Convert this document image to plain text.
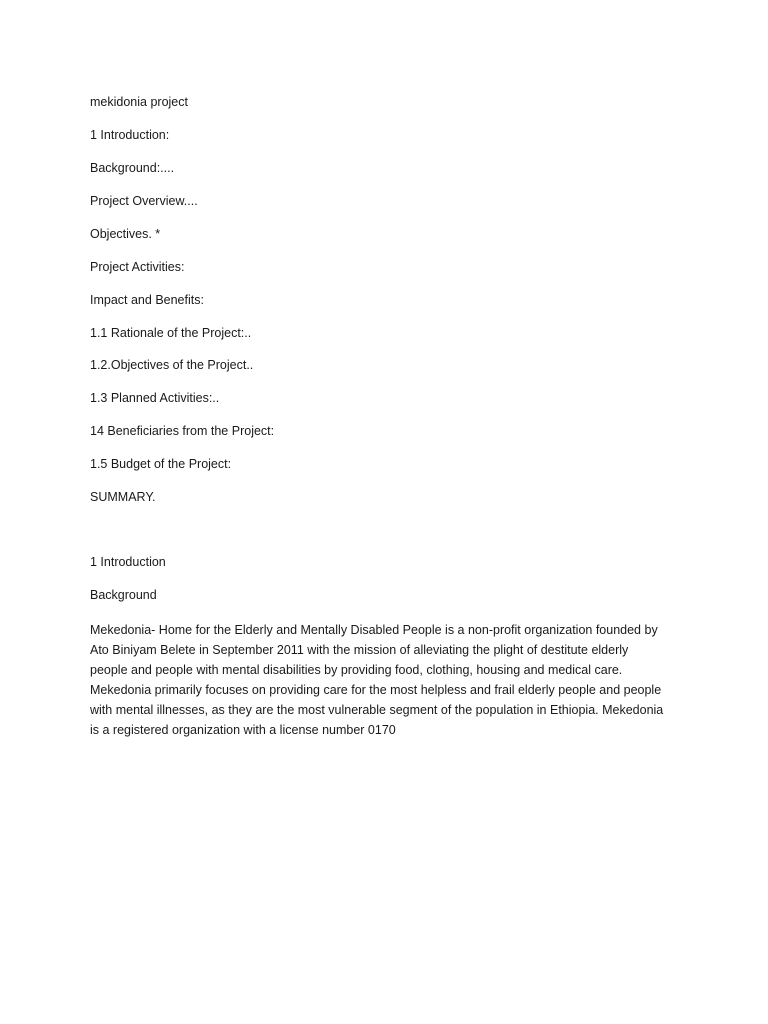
mekidonia project
1 Introduction:
Background:....
Project Overview....
Objectives. *
Project Activities:
Impact and Benefits:
1.1 Rationale of the Project:..
1.2.Objectives of the Project..
1.3 Planned Activities:..
14 Beneficiaries from the Project:
1.5 Budget of the Project:
SUMMARY.
1 Introduction
Background
Mekedonia- Home for the Elderly and Mentally Disabled People is a non-profit organization founded by
Ato Biniyam Belete in September 2011 with the mission of alleviating the plight of destitute elderly
people and people with mental disabilities by providing food, clothing, housing and medical care.
Mekedonia primarily focuses on providing care for the most helpless and frail elderly people and people
with mental illnesses, as they are the most vulnerable segment of the population in Ethiopia. Mekedonia
is a registered organization with a license number 0170
